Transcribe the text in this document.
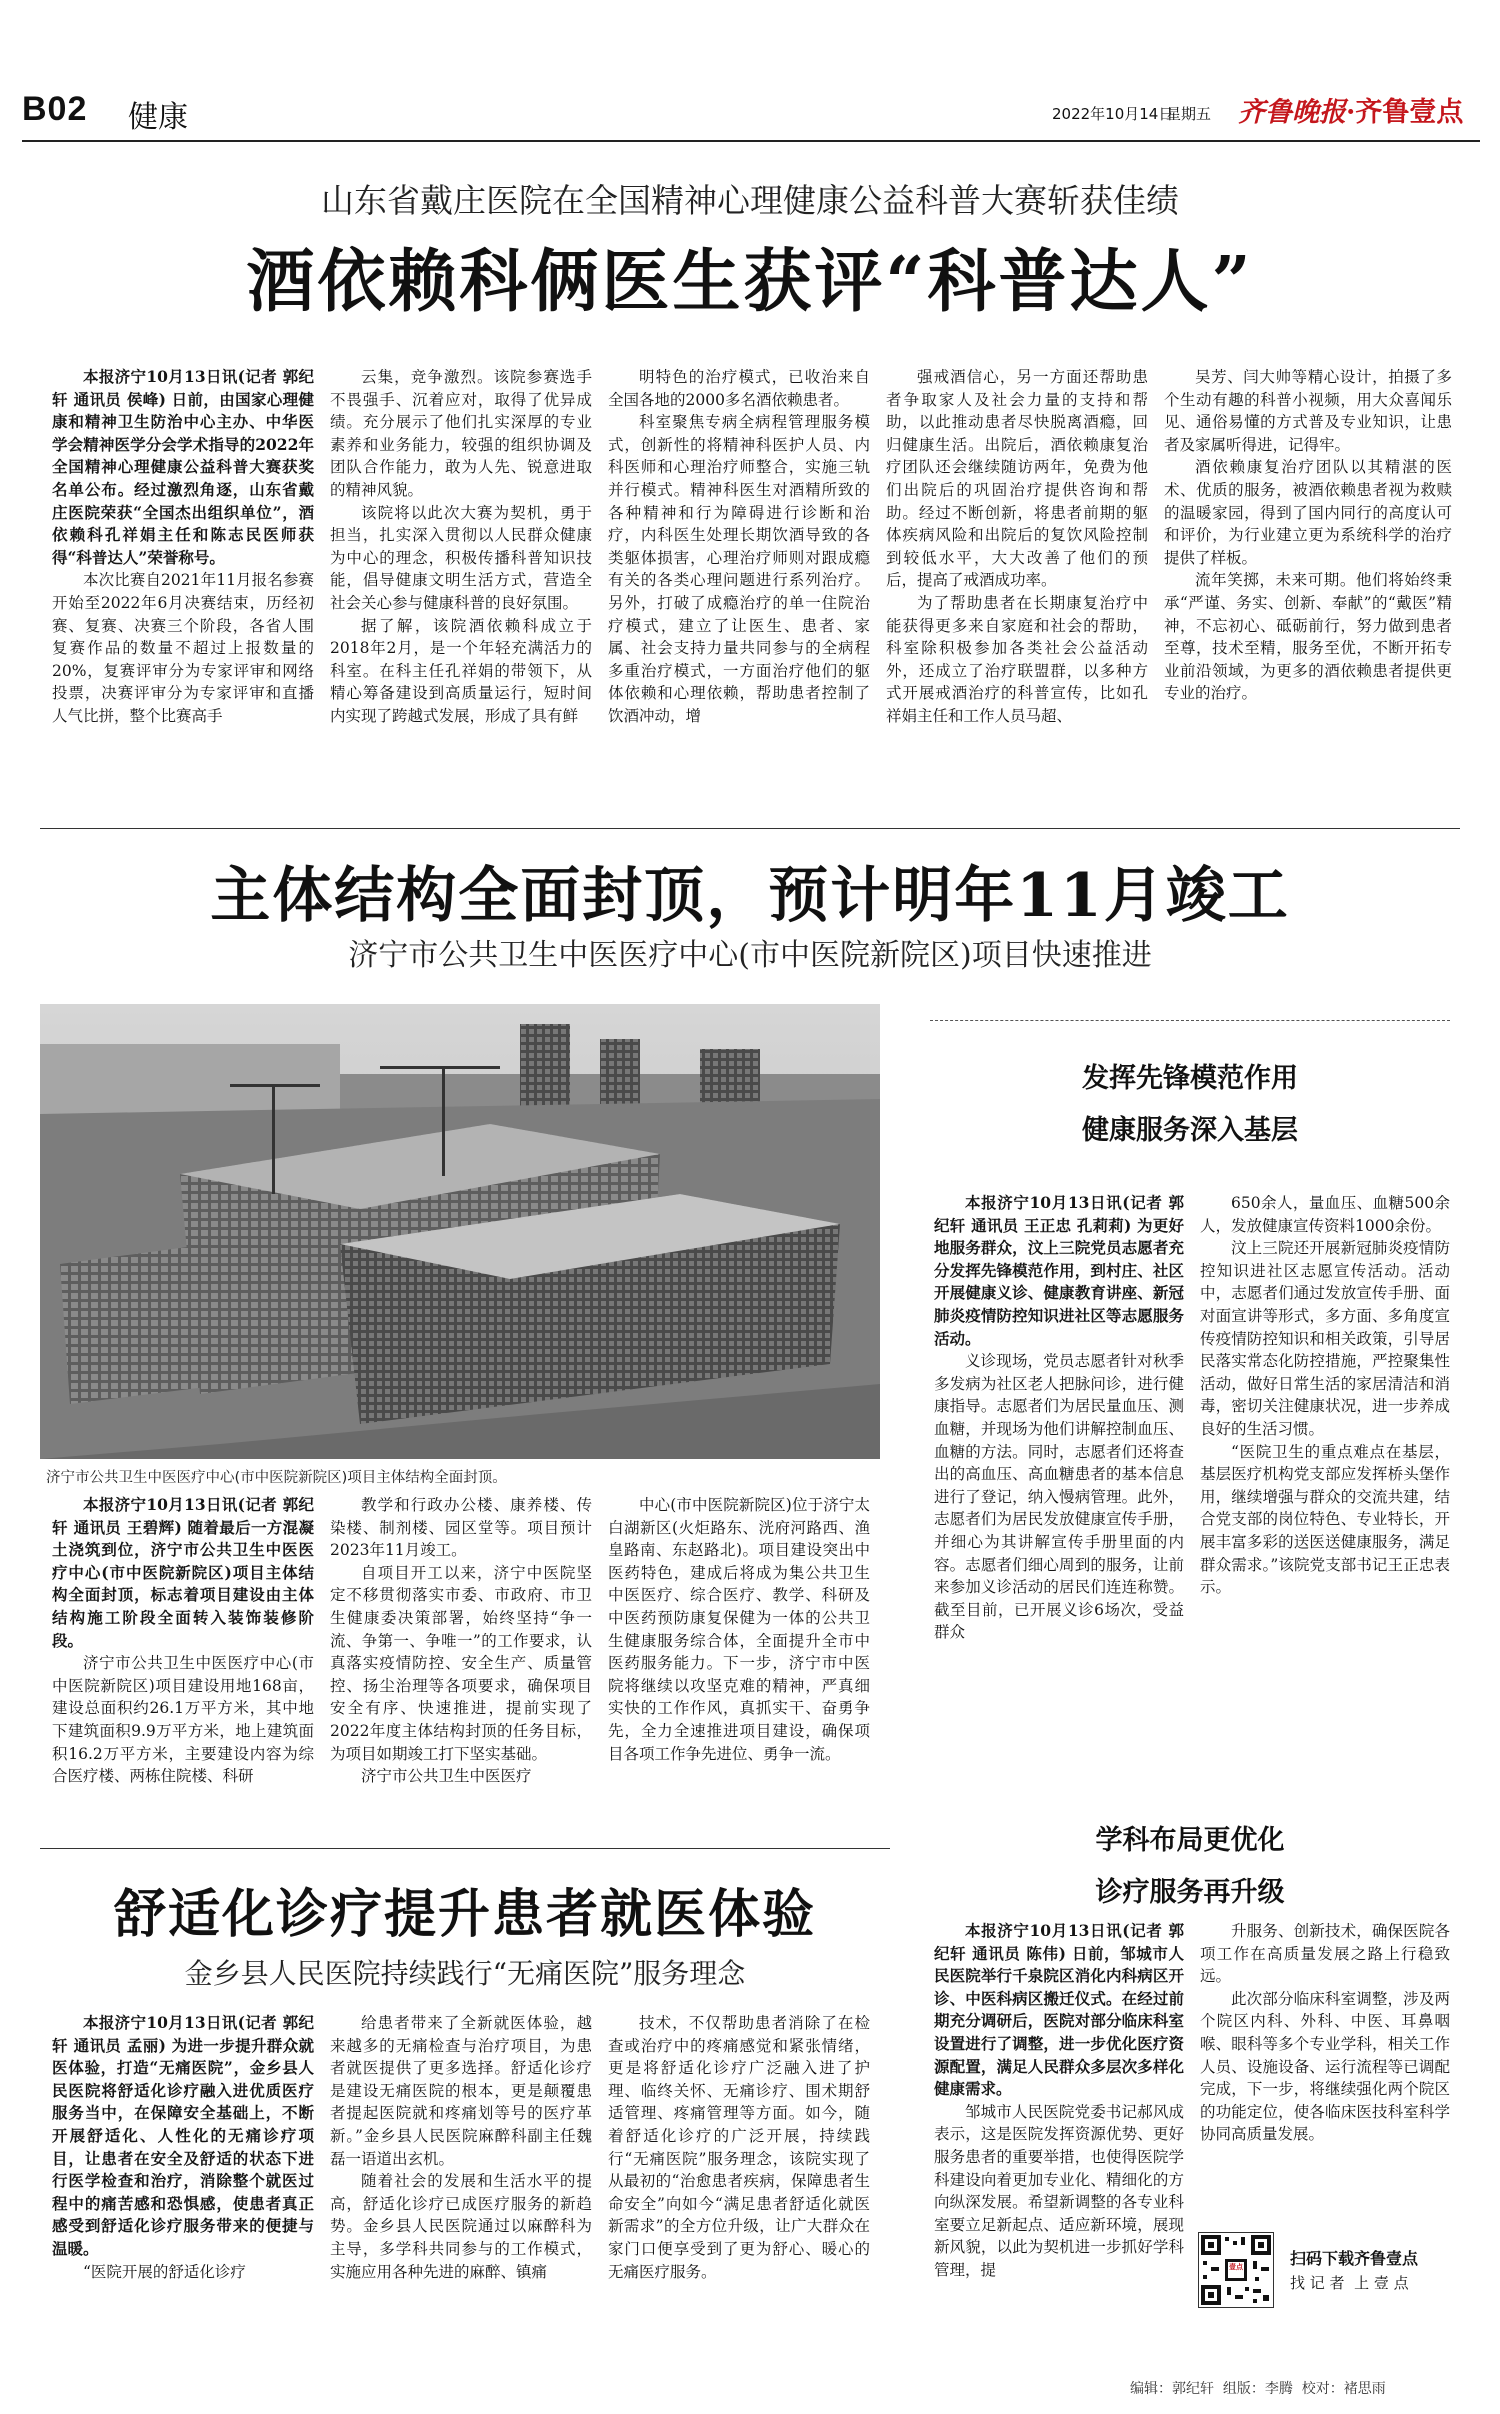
B02 健康	2022年10月14日
星期五 齐鲁晚报·齐鲁壹点
山东省戴庄医院在全国精神心理健康公益科普大赛斩获佳绩
酒依赖科俩医生获评“科普达人”

本报济宁10月13日讯(记者 郭纪轩 通讯员 侯峰) 日前，由国家心理健康和精神卫生防治中心主办、中华医学会精神医学分会学术指导的2022年全国精神心理健康公益科普大赛获奖名单公布。经过激烈角逐，山东省戴庄医院荣获“全国杰出组织单位”，酒依赖科孔祥娟主任和陈志民医师获得“科普达人”荣誉称号。

本次比赛自2021年11月报名参赛开始至2022年6月决赛结束，历经初赛、复赛、决赛三个阶段，各省人围复赛作品的数量不超过上报数量的20%，复赛评审分为专家评审和网络投票，决赛评审分为专家评审和直播人气比拼，整个比赛高手

云集，竞争激烈。该院参赛选手不畏强手、沉着应对，取得了优异成绩。充分展示了他们扎实深厚的专业素养和业务能力，较强的组织协调及团队合作能力，敢为人先、锐意进取的精神风貌。

该院将以此次大赛为契机，勇于担当，扎实深入贯彻以人民群众健康为中心的理念，积极传播科普知识技能，倡导健康文明生活方式，营造全社会关心参与健康科普的良好氛围。

据了解，该院酒依赖科成立于2018年2月，是一个年轻充满活力的科室。在科主任孔祥娟的带领下，从精心筹备建设到高质量运行，短时间内实现了跨越式发展，形成了具有鲜

明特色的治疗模式，已收治来自全国各地的2000多名酒依赖患者。

科室聚焦专病全病程管理服务模式，创新性的将精神科医护人员、内科医师和心理治疗师整合，实施三轨并行模式。精神科医生对酒精所致的各种精神和行为障碍进行诊断和治疗，内科医生处理长期饮酒导致的各类躯体损害，心理治疗师则对跟成瘾有关的各类心理问题进行系列治疗。另外，打破了成瘾治疗的单一住院治疗模式，建立了让医生、患者、家属、社会支持力量共同参与的全病程多重治疗模式，一方面治疗他们的躯体依赖和心理依赖，帮助患者控制了饮酒冲动，增

强戒酒信心，另一方面还帮助患者争取家人及社会力量的支持和帮助，以此推动患者尽快脱离酒瘾，回归健康生活。出院后，酒依赖康复治疗团队还会继续随访两年，免费为他们出院后的巩固治疗提供咨询和帮助。经过不断创新，将患者前期的躯体疾病风险和出院后的复饮风险控制到较低水平，大大改善了他们的预后，提高了戒酒成功率。

为了帮助患者在长期康复治疗中能获得更多来自家庭和社会的帮助，科室除积极参加各类社会公益活动外，还成立了治疗联盟群，以多种方式开展戒酒治疗的科普宣传，比如孔祥娟主任和工作人员马超、

吴芳、闫大帅等精心设计，拍摄了多个生动有趣的科普小视频，用大众喜闻乐见、通俗易懂的方式普及专业知识，让患者及家属听得进，记得牢。

酒依赖康复治疗团队以其精湛的医术、优质的服务，被酒依赖患者视为救赎的温暖家园，得到了国内同行的高度认可和评价，为行业建立更为系统科学的治疗提供了样板。

流年笑掷，未来可期。他们将始终秉承“严谨、务实、创新、奉献”的“戴医”精神，不忘初心、砥砺前行，努力做到患者至尊，技术至精，服务至优，不断开拓专业前沿领域，为更多的酒依赖患者提供更专业的治疗。

主体结构全面封顶，预计明年11月竣工
济宁市公共卫生中医医疗中心(市中医院新院区)项目快速推进
济宁市公共卫生中医医疗中心(市中医院新院区)项目主体结构全面封顶。

本报济宁10月13日讯(记者 郭纪轩 通讯员 王碧辉) 随着最后一方混凝土浇筑到位，济宁市公共卫生中医医疗中心(市中医院新院区)项目主体结构全面封顶，标志着项目建设由主体结构施工阶段全面转入装饰装修阶段。

济宁市公共卫生中医医疗中心(市中医院新院区)项目建设用地168亩，建设总面积约26.1万平方米，其中地下建筑面积9.9万平方米，地上建筑面积16.2万平方米，主要建设内容为综合医疗楼、两栋住院楼、科研

教学和行政办公楼、康养楼、传染楼、制剂楼、园区堂等。项目预计2023年11月竣工。

自项目开工以来，济宁中医院坚定不移贯彻落实市委、市政府、市卫生健康委决策部署，始终坚持“争一流、争第一、争唯一”的工作要求，认真落实疫情防控、安全生产、质量管控、扬尘治理等各项要求，确保项目安全有序、快速推进，提前实现了2022年度主体结构封顶的任务目标，为项目如期竣工打下坚实基础。

济宁市公共卫生中医医疗

中心(市中医院新院区)位于济宁太白湖新区(火炬路东、洸府河路西、渔皇路南、东赵路北)。项目建设突出中医药特色，建成后将成为集公共卫生中医医疗、综合医疗、教学、科研及中医药预防康复保健为一体的公共卫生健康服务综合体，全面提升全市中医药服务能力。下一步，济宁市中医院将继续以攻坚克难的精神，严真细实快的工作作风，真抓实干、奋勇争先，全力全速推进项目建设，确保项目各项工作争先进位、勇争一流。

发挥先锋模范作用
健康服务深入基层

本报济宁10月13日讯(记者 郭纪轩 通讯员 王正忠 孔莉莉) 为更好地服务群众，汶上三院党员志愿者充分发挥先锋模范作用，到村庄、社区开展健康义诊、健康教育讲座、新冠肺炎疫情防控知识进社区等志愿服务活动。

义诊现场，党员志愿者针对秋季多发病为社区老人把脉问诊，进行健康指导。志愿者们为居民量血压、测血糖，并现场为他们讲解控制血压、血糖的方法。同时，志愿者们还将查出的高血压、高血糖患者的基本信息进行了登记，纳入慢病管理。此外，志愿者们为居民发放健康宣传手册，并细心为其讲解宣传手册里面的内容。志愿者们细心周到的服务，让前来参加义诊活动的居民们连连称赞。截至目前，已开展义诊6场次，受益群众

650余人，量血压、血糖500余人，发放健康宣传资料1000余份。

汶上三院还开展新冠肺炎疫情防控知识进社区志愿宣传活动。活动中，志愿者们通过发放宣传手册、面对面宣讲等形式，多方面、多角度宣传疫情防控知识和相关政策，引导居民落实常态化防控措施，严控聚集性活动，做好日常生活的家居清洁和消毒，密切关注健康状况，进一步养成良好的生活习惯。

“医院卫生的重点难点在基层，基层医疗机构党支部应发挥桥头堡作用，继续增强与群众的交流共建，结合党支部的岗位特色、专业特长，开展丰富多彩的送医送健康服务，满足群众需求。”该院党支部书记王正忠表示。

舒适化诊疗提升患者就医体验
金乡县人民医院持续践行“无痛医院”服务理念

本报济宁10月13日讯(记者 郭纪轩 通讯员 孟丽) 为进一步提升群众就医体验，打造“无痛医院”，金乡县人民医院将舒适化诊疗融入进优质医疗服务当中，在保障安全基础上，不断开展舒适化、人性化的无痛诊疗项目，让患者在安全及舒适的状态下进行医学检查和治疗，消除整个就医过程中的痛苦感和恐惧感，使患者真正感受到舒适化诊疗服务带来的便捷与温暖。

“医院开展的舒适化诊疗

给患者带来了全新就医体验，越来越多的无痛检查与治疗项目，为患者就医提供了更多选择。舒适化诊疗是建设无痛医院的根本，更是颠覆患者提起医院就和疼痛划等号的医疗革新。”金乡县人民医院麻醉科副主任魏磊一语道出玄机。

随着社会的发展和生活水平的提高，舒适化诊疗已成医疗服务的新趋势。金乡县人民医院通过以麻醉科为主导，多学科共同参与的工作模式，实施应用各种先进的麻醉、镇痛

技术，不仅帮助患者消除了在检查或治疗中的疼痛感觉和紧张情绪，更是将舒适化诊疗广泛融入进了护理、临终关怀、无痛诊疗、围术期舒适管理、疼痛管理等方面。如今，随着舒适化诊疗的广泛开展，持续践行“无痛医院”服务理念，该院实现了从最初的“治愈患者疾病，保障患者生命安全”向如今“满足患者舒适化就医新需求”的全方位升级，让广大群众在家门口便享受到了更为舒心、暖心的无痛医疗服务。

学科布局更优化
诊疗服务再升级

本报济宁10月13日讯(记者 郭纪轩 通讯员 陈伟) 日前，邹城市人民医院举行千泉院区消化内科病区开诊、中医科病区搬迁仪式。在经过前期充分调研后，医院对部分临床科室设置进行了调整，进一步优化医疗资源配置，满足人民群众多层次多样化健康需求。

邹城市人民医院党委书记郝风成表示，这是医院发挥资源优势、更好服务患者的重要举措，也使得医院学科建设向着更加专业化、精细化的方向纵深发展。希望新调整的各专业科室要立足新起点、适应新环境，展现新风貌，以此为契机进一步抓好学科管理，提

升服务、创新技术，确保医院各项工作在高质量发展之路上行稳致远。

此次部分临床科室调整，涉及两个院区内科、外科、中医、耳鼻咽喉、眼科等多个专业学科，相关工作人员、设施设备、运行流程等已调配完成，下一步，将继续强化两个院区的功能定位，使各临床医技科室科学协同高质量发展。

壹点	扫码下载齐鲁壹点
找 记 者  上 壹 点
编辑：郭纪轩  组版：李腾  校对：褚思雨
